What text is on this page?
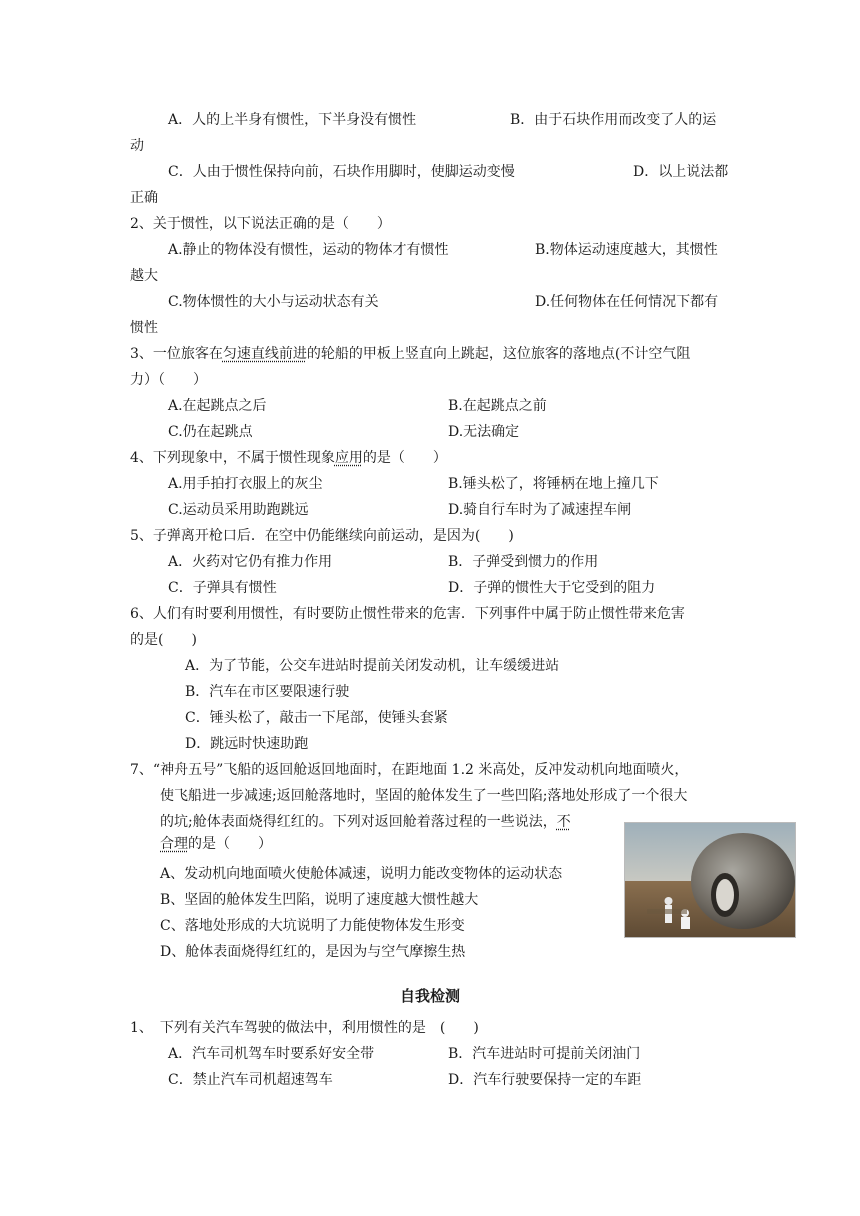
A．人的上半身有惯性，下半身没有惯性	B．由于石块作用而改变了人的运
动
C．人由于惯性保持向前，石块作用脚时，使脚运动变慢	D．以上说法都
正确
2、关于惯性，以下说法正确的是（　　）
A.静止的物体没有惯性，运动的物体才有惯性	B.物体运动速度越大，其惯性
越大
C.物体惯性的大小与运动状态有关	D.任何物体在任何情况下都有
惯性
3、一位旅客在匀速直线前进的轮船的甲板上竖直向上跳起，这位旅客的落地点(不计空气阻
力）（　　）
A.在起跳点之后	B.在起跳点之前
C.仍在起跳点	D.无法确定
4、下列现象中，不属于惯性现象应用的是（　　）
A.用手拍打衣服上的灰尘	B.锤头松了，将锤柄在地上撞几下
C.运动员采用助跑跳远	D.骑自行车时为了减速捏车闸
5、子弹离开枪口后．在空中仍能继续向前运动，是因为(　　)
A．火药对它仍有推力作用	B．子弹受到惯力的作用
C．子弹具有惯性	D．子弹的惯性大于它受到的阻力
6、人们有时要利用惯性，有时要防止惯性带来的危害．下列事件中属于防止惯性带来危害
的是(　　)
A．为了节能，公交车进站时提前关闭发动机，让车缓缓进站
B．汽车在市区要限速行驶
C．锤头松了，敲击一下尾部，使锤头套紧
D．跳远时快速助跑
7、“神舟五号”飞船的返回舱返回地面时，在距地面 1.2 米高处，反冲发动机向地面喷火，
使飞船进一步减速;返回舱落地时，坚固的舱体发生了一些凹陷;落地处形成了一个很大
的坑;舱体表面烧得红红的。下列对返回舱着落过程的一些说法，不
合理的是（　　）
A、发动机向地面喷火使舱体减速，说明力能改变物体的运动状态
B、坚固的舱体发生凹陷，说明了速度越大惯性越大
C、落地处形成的大坑说明了力能使物体发生形变
D、舱体表面烧得红红的，是因为与空气摩擦生热
自我检测
1、　下列有关汽车驾驶的做法中，利用惯性的是　(　　)
A．汽车司机驾车时要系好安全带	B．汽车进站时可提前关闭油门
C．禁止汽车司机超速驾车	D．汽车行驶要保持一定的车距
